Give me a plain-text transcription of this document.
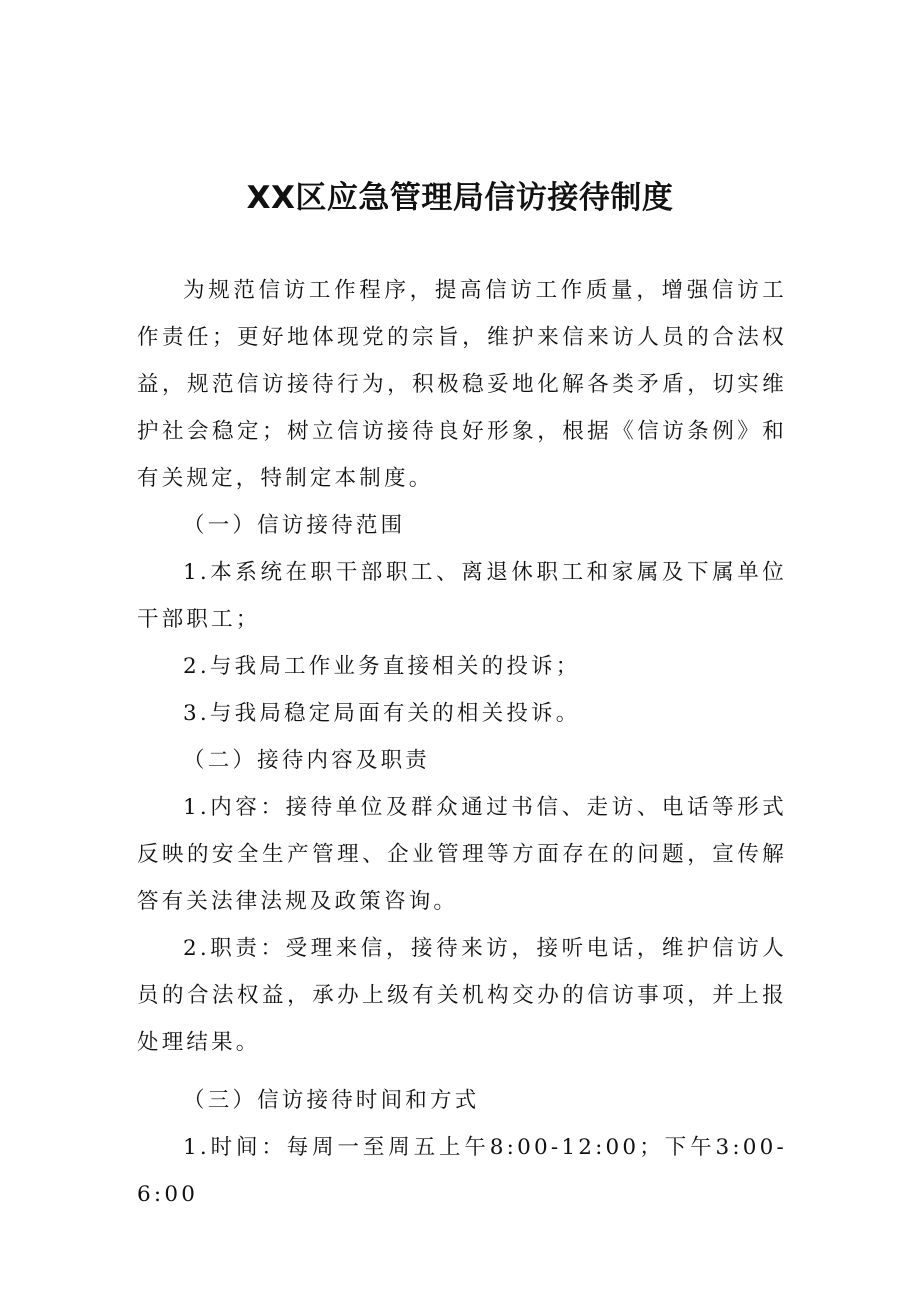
XX区应急管理局信访接待制度

为规范信访工作程序，提高信访工作质量，增强信访工作责任；更好地体现党的宗旨，维护来信来访人员的合法权益，规范信访接待行为，积极稳妥地化解各类矛盾，切实维护社会稳定；树立信访接待良好形象，根据《信访条例》和有关规定，特制定本制度。

（一）信访接待范围

1.本系统在职干部职工、离退休职工和家属及下属单位干部职工；

2.与我局工作业务直接相关的投诉；

3.与我局稳定局面有关的相关投诉。

（二）接待内容及职责

1.内容：接待单位及群众通过书信、走访、电话等形式反映的安全生产管理、企业管理等方面存在的问题，宣传解答有关法律法规及政策咨询。

2.职责：受理来信，接待来访，接听电话，维护信访人员的合法权益，承办上级有关机构交办的信访事项，并上报处理结果。

（三）信访接待时间和方式

1.时间：每周一至周五上午8:00-12:00；下午3:00-6:00
